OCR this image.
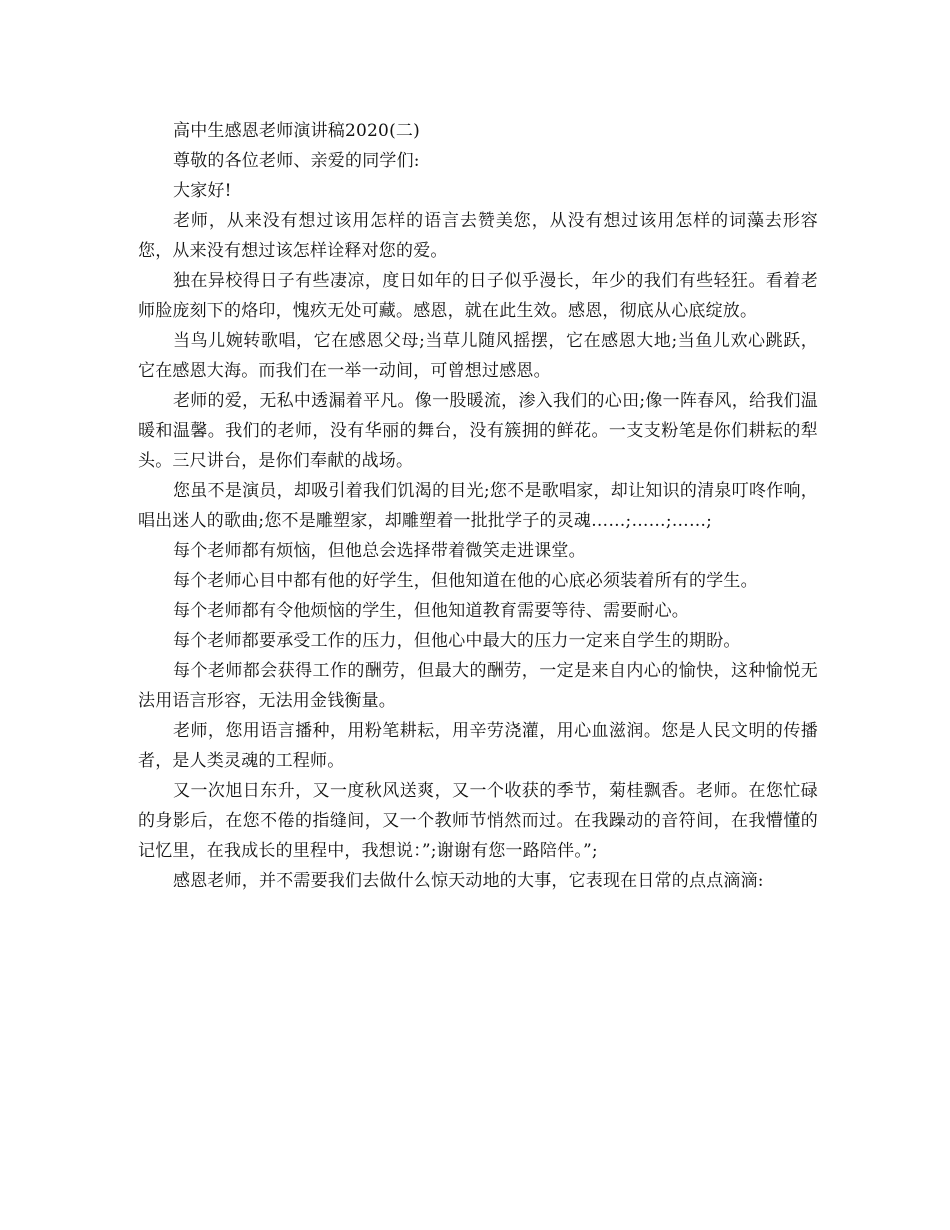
高中生感恩老师演讲稿2020(二)

尊敬的各位老师、亲爱的同学们:

大家好!

老师，从来没有想过该用怎样的语言去赞美您，从没有想过该用怎样的词藻去形容您，从来没有想过该怎样诠释对您的爱。

独在异校得日子有些凄凉，度日如年的日子似乎漫长，年少的我们有些轻狂。看着老师脸庞刻下的烙印，愧疚无处可藏。感恩，就在此生效。感恩，彻底从心底绽放。

当鸟儿婉转歌唱，它在感恩父母;当草儿随风摇摆，它在感恩大地;当鱼儿欢心跳跃，它在感恩大海。而我们在一举一动间，可曾想过感恩。

老师的爱，无私中透漏着平凡。像一股暖流，渗入我们的心田;像一阵春风，给我们温暖和温馨。我们的老师，没有华丽的舞台，没有簇拥的鲜花。一支支粉笔是你们耕耘的犁头。三尺讲台，是你们奉献的战场。

您虽不是演员，却吸引着我们饥渴的目光;您不是歌唱家，却让知识的清泉叮咚作响，唱出迷人的歌曲;您不是雕塑家，却雕塑着一批批学子的灵魂……;……;……;

每个老师都有烦恼，但他总会选择带着微笑走进课堂。

每个老师心目中都有他的好学生，但他知道在他的心底必须装着所有的学生。

每个老师都有令他烦恼的学生，但他知道教育需要等待、需要耐心。

每个老师都要承受工作的压力，但他心中最大的压力一定来自学生的期盼。

每个老师都会获得工作的酬劳，但最大的酬劳，一定是来自内心的愉快，这种愉悦无法用语言形容，无法用金钱衡量。

老师，您用语言播种，用粉笔耕耘，用辛劳浇灌，用心血滋润。您是人民文明的传播者，是人类灵魂的工程师。

又一次旭日东升，又一度秋风送爽，又一个收获的季节，菊桂飘香。老师。在您忙碌的身影后，在您不倦的指缝间，又一个教师节悄然而过。在我躁动的音符间，在我懵懂的记忆里，在我成长的里程中，我想说：”;谢谢有您一路陪伴。”;

感恩老师，并不需要我们去做什么惊天动地的大事，它表现在日常的点点滴滴:
